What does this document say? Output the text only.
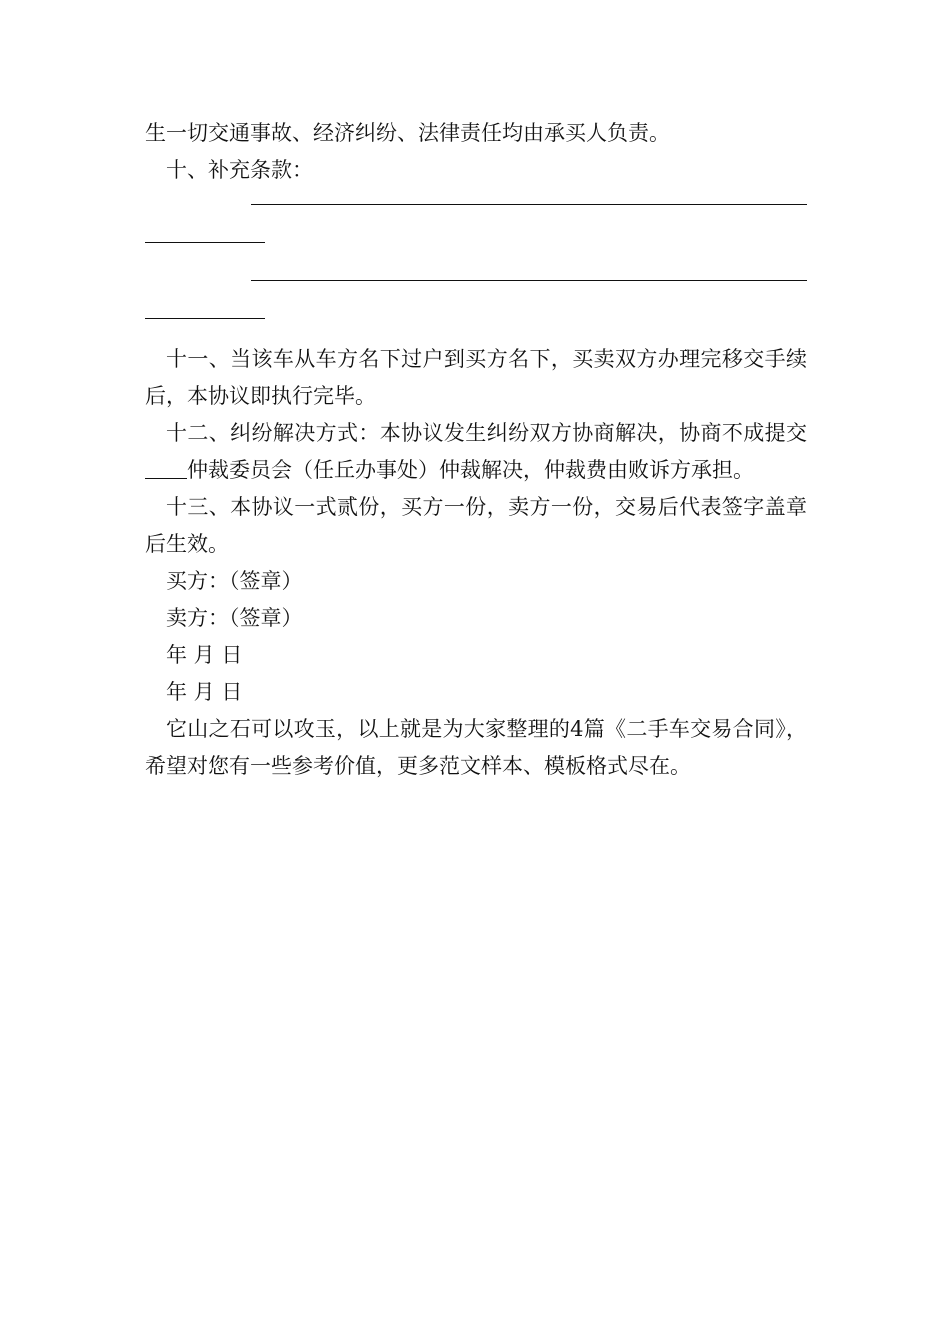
生一切交通事故、经济纠纷、法律责任均由承买人负责。

十、补充条款：

十一、当该车从车方名下过户到买方名下，买卖双方办理完移交手续后，本协议即执行完毕。

十二、纠纷解决方式：本协议发生纠纷双方协商解决，协商不成提交仲裁委员会（任丘办事处）仲裁解决，仲裁费由败诉方承担。

十三、本协议一式贰份，买方一份，卖方一份，交易后代表签字盖章后生效。

买方：（签章）

卖方：（签章）

年 月 日

年 月 日

它山之石可以攻玉，以上就是为大家整理的4篇《二手车交易合同》，希望对您有一些参考价值，更多范文样本、模板格式尽在。
